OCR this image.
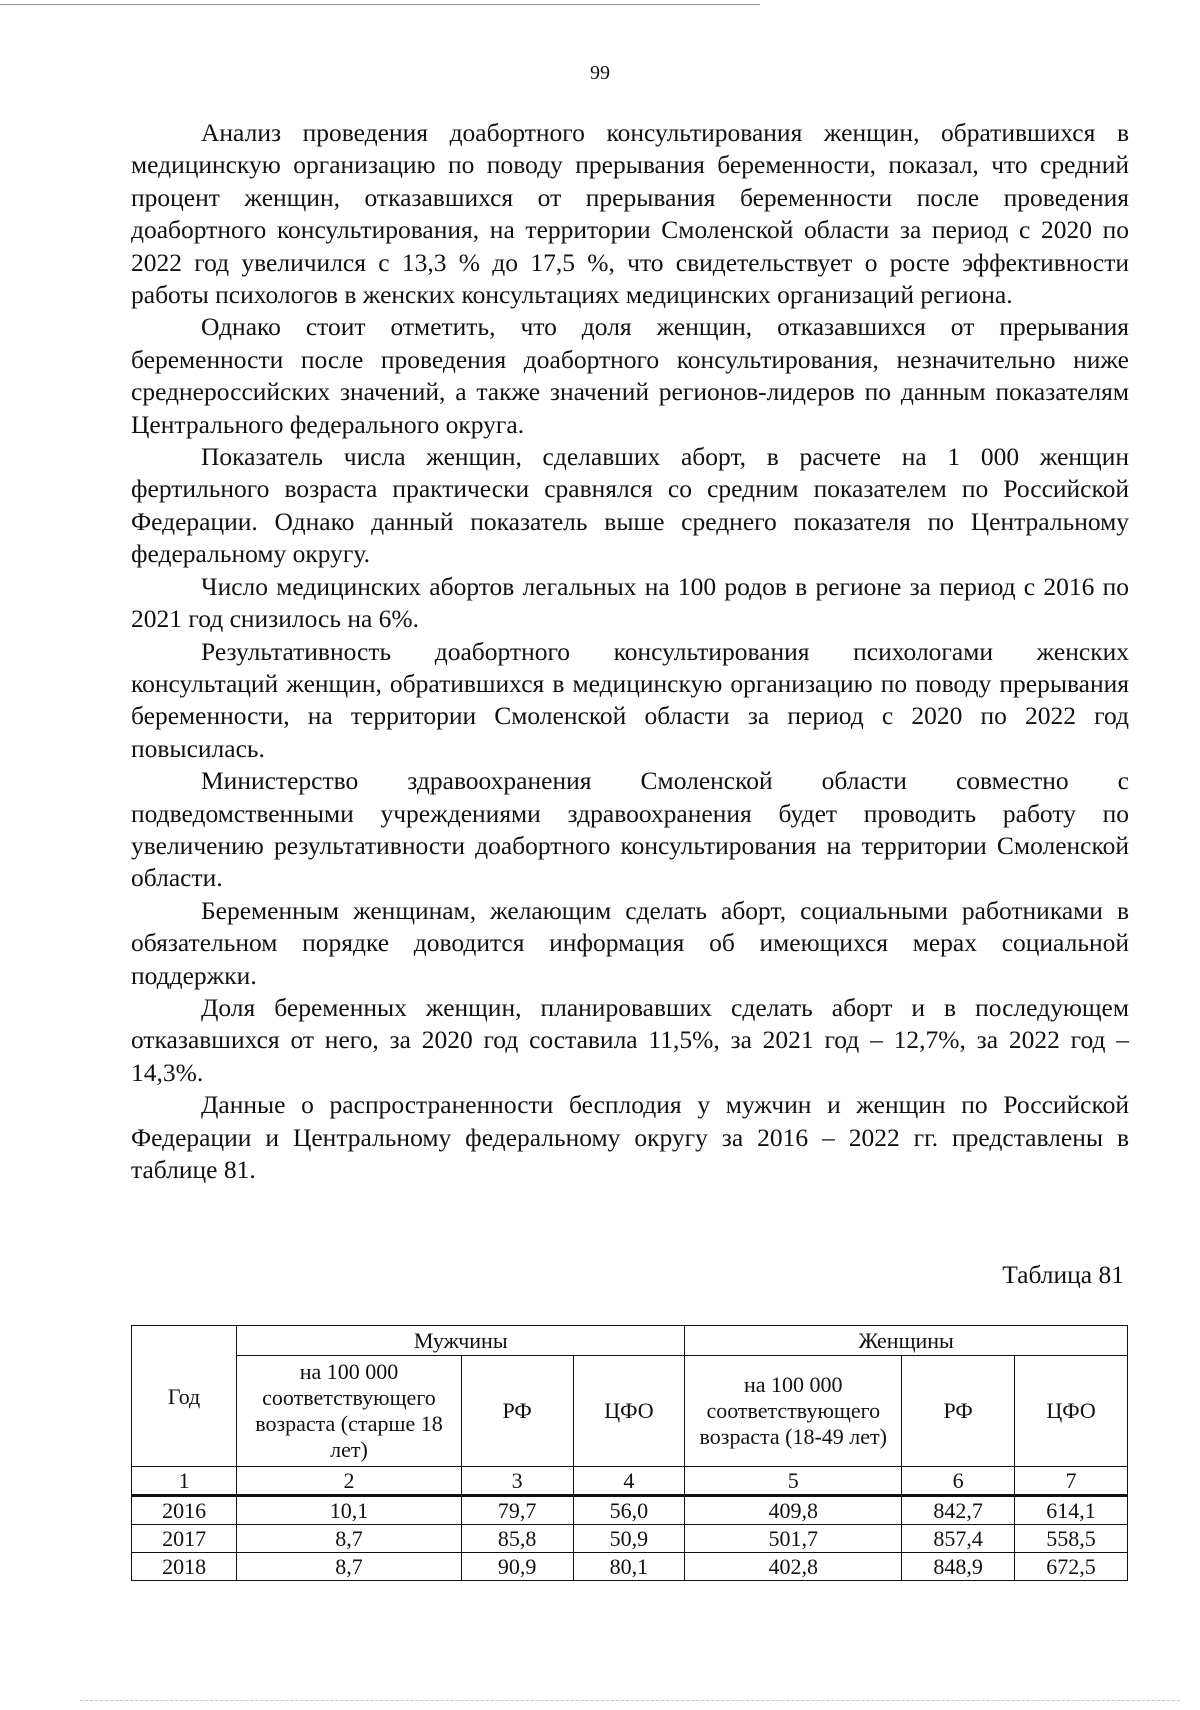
99

Анализ проведения доабортного консультирования женщин, обратившихся в медицинскую организацию по поводу прерывания беременности, показал, что средний процент женщин, отказавшихся от прерывания беременности после проведения доабортного консультирования, на территории Смоленской области за период с 2020 по 2022 год увеличился с 13,3 % до 17,5 %, что свидетельствует о росте эффективности работы психологов в женских консультациях медицинских организаций региона.

Однако стоит отметить, что доля женщин, отказавшихся от прерывания беременности после проведения доабортного консультирования, незначительно ниже среднероссийских значений, а также значений регионов-лидеров по данным показателям Центрального федерального округа.

Показатель числа женщин, сделавших аборт, в расчете на 1 000 женщин фертильного возраста практически сравнялся со средним показателем по Российской Федерации. Однако данный показатель выше среднего показателя по Центральному федеральному округу.

Число медицинских абортов легальных на 100 родов в регионе за период с 2016 по 2021 год снизилось на 6%.

Результативность доабортного консультирования психологами женских консультаций женщин, обратившихся в медицинскую организацию по поводу прерывания беременности, на территории Смоленской области за период с 2020 по 2022 год повысилась.

Министерство здравоохранения Смоленской области совместно с подведомственными учреждениями здравоохранения будет проводить работу по увеличению результативности доабортного консультирования на территории Смоленской области.

Беременным женщинам, желающим сделать аборт, социальными работниками в обязательном порядке доводится информация об имеющихся мерах социальной поддержки.

Доля беременных женщин, планировавших сделать аборт и в последующем отказавшихся от него, за 2020 год составила 11,5%, за 2021 год – 12,7%, за 2022 год – 14,3%.

Данные о распространенности бесплодия у мужчин и женщин по Российской Федерации и Центральному федеральному округу за 2016 – 2022 гг. представлены в таблице 81.

Таблица 81
Год	Мужчины			Женщины		
	на 100 000 соответствующего возраста (старше 18 лет)	РФ	ЦФО	на 100 000 соответствующего возраста (18-49 лет)	РФ	ЦФО
1	2	3	4	5	6	7
2016	10,1	79,7	56,0	409,8	842,7	614,1
2017	8,7	85,8	50,9	501,7	857,4	558,5
2018	8,7	90,9	80,1	402,8	848,9	672,5
